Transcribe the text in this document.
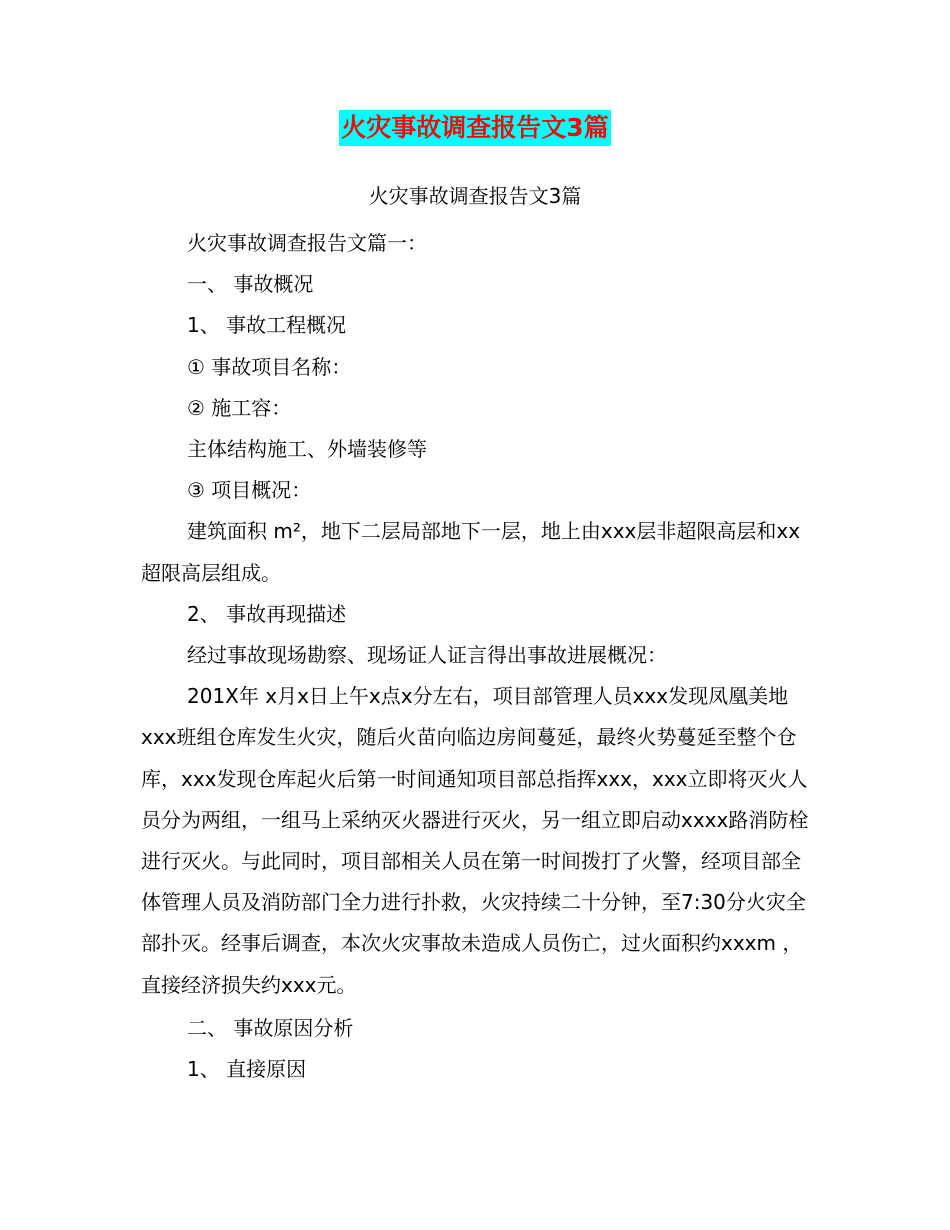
火灾事故调查报告文3篇
火灾事故调查报告文3篇

火灾事故调查报告文篇一：

一、 事故概况

1、 事故工程概况

① 事故项目名称：

② 施工容：

主体结构施工、外墙装修等

③ 项目概况：

建筑面积 m²，地下二层局部地下一层，地上由xxx层非超限高层和xx超限高层组成。

2、 事故再现描述

经过事故现场勘察、现场证人证言得出事故进展概况：

201X年 x月x日上午x点x分左右，项目部管理人员xxx发现凤凰美地xxx班组仓库发生火灾，随后火苗向临边房间蔓延，最终火势蔓延至整个仓库，xxx发现仓库起火后第一时间通知项目部总指挥xxx，xxx立即将灭火人员分为两组，一组马上采纳灭火器进行灭火，另一组立即启动xxxx路消防栓进行灭火。与此同时，项目部相关人员在第一时间拨打了火警，经项目部全体管理人员及消防部门全力进行扑救，火灾持续二十分钟，至7:30分火灾全部扑灭。经事后调查，本次火灾事故未造成人员伤亡，过火面积约xxxm ，直接经济损失约xxx元。

二、 事故原因分析

1、 直接原因
